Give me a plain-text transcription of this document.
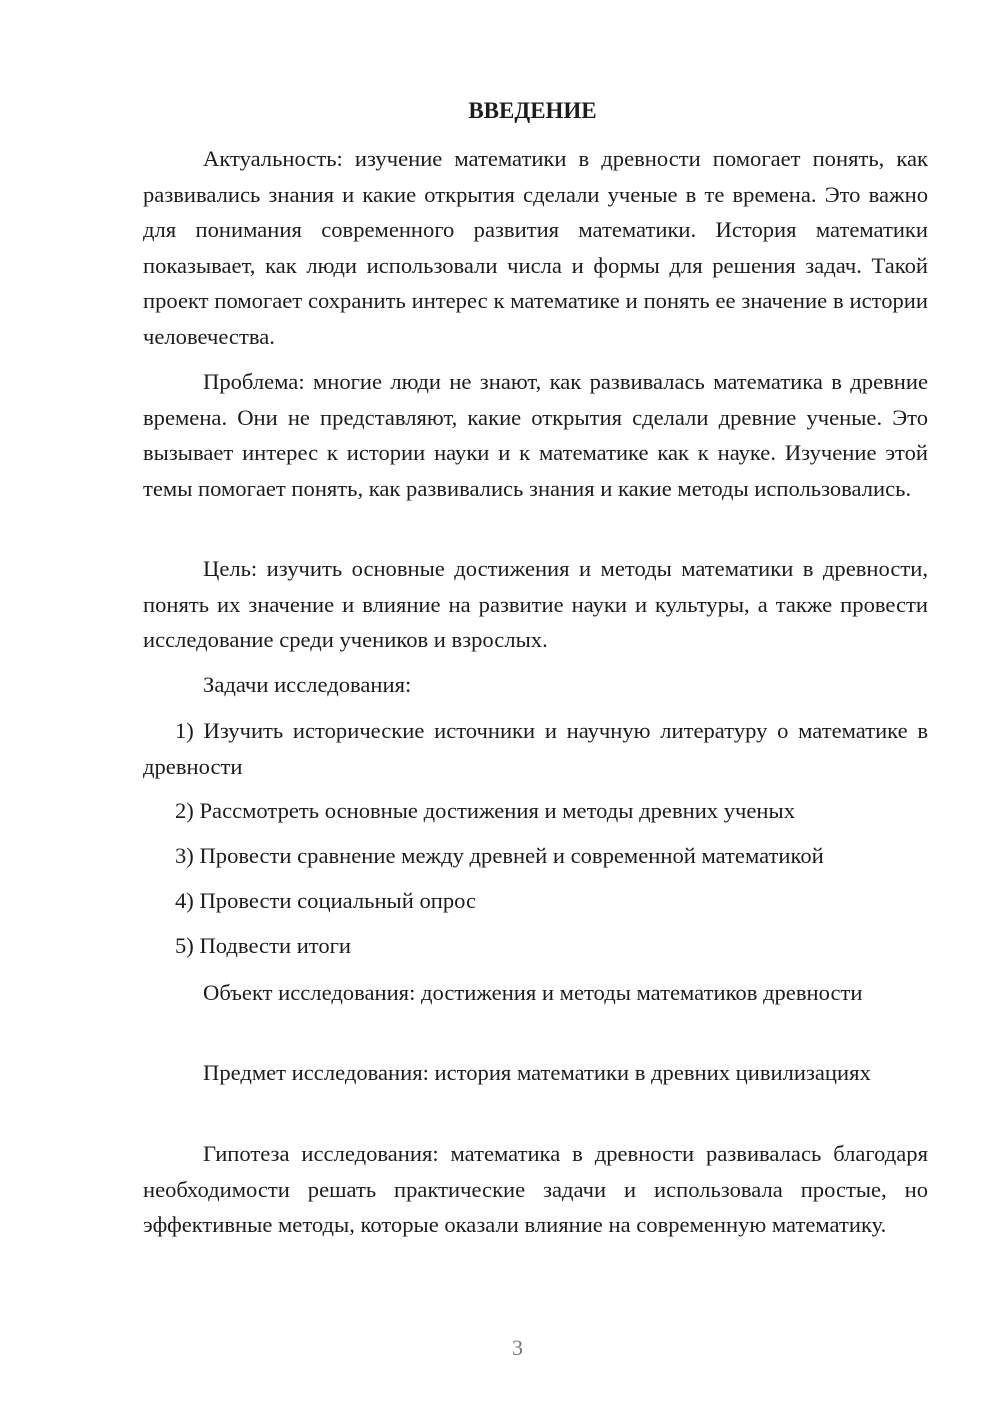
ВВЕДЕНИЕ

Актуальность: изучение математики в древности помогает понять, как развивались знания и какие открытия сделали ученые в те времена. Это важно для понимания современного развития математики. История математики показывает, как люди использовали числа и формы для решения задач. Такой проект помогает сохранить интерес к математике и понять ее значение в истории человечества.

Проблема: многие люди не знают, как развивалась математика в древние времена. Они не представляют, какие открытия сделали древние ученые. Это вызывает интерес к истории науки и к математике как к науке. Изучение этой темы помогает понять, как развивались знания и какие методы использовались.

Цель: изучить основные достижения и методы математики в древности, понять их значение и влияние на развитие науки и культуры, а также провести исследование среди учеников и взрослых.

Задачи исследования:

1) Изучить исторические источники и научную литературу о математике в древности

2) Рассмотреть основные достижения и методы древних ученых

3) Провести сравнение между древней и современной математикой

4) Провести социальный опрос

5) Подвести итоги

Объект исследования: достижения и методы математиков древности

Предмет исследования: история математики в древних цивилизациях

Гипотеза исследования: математика в древности развивалась благодаря необходимости решать практические задачи и использовала простые, но эффективные методы, которые оказали влияние на современную математику.

3
